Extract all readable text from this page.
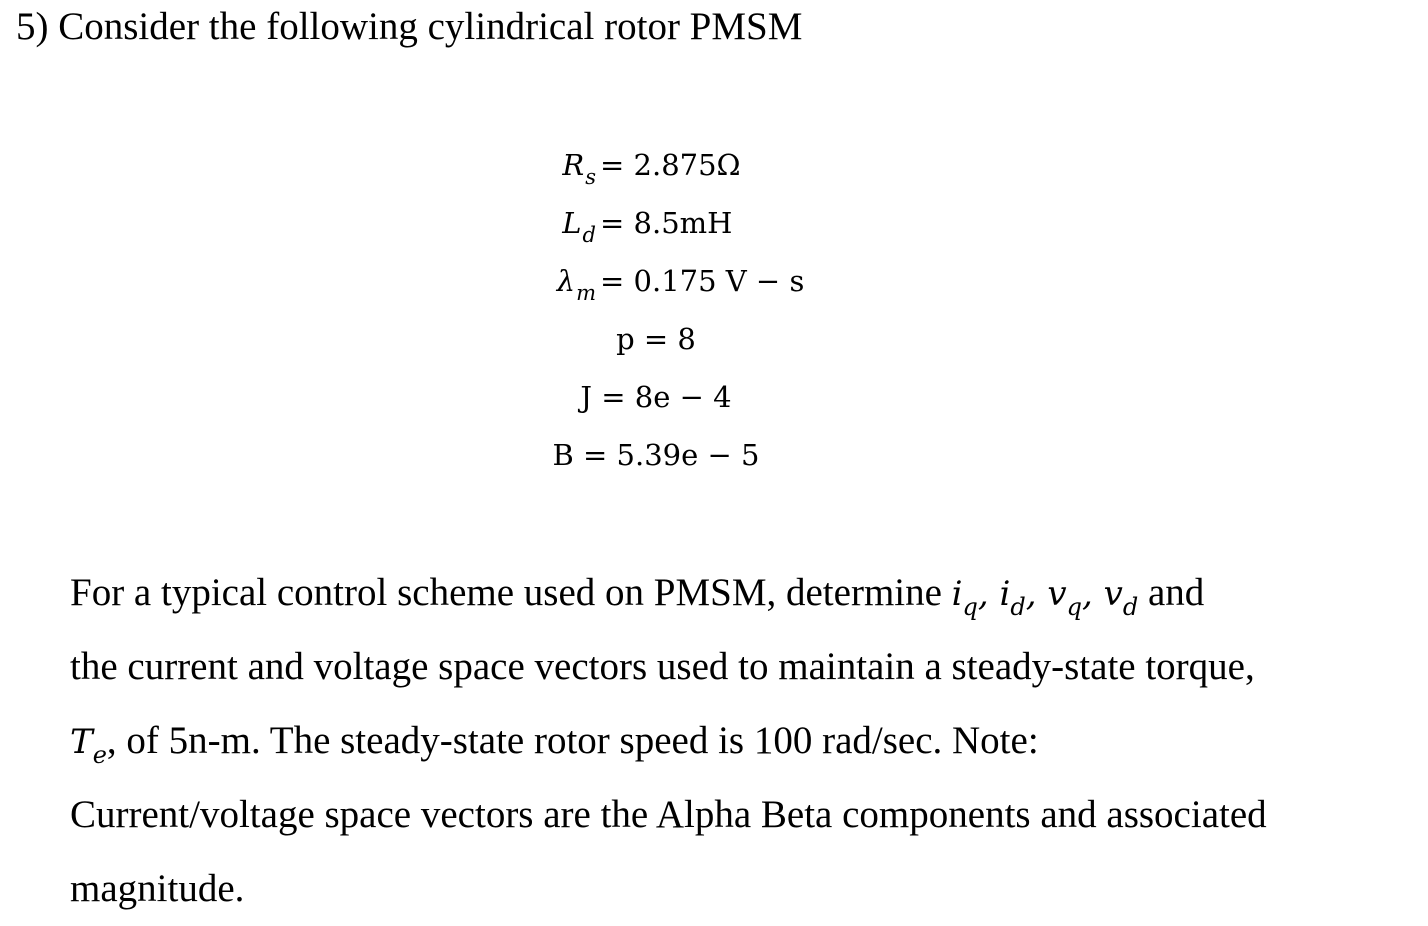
5) Consider the following cylindrical rotor PMSM
$R_s = 2.875\Omega$
$L_d = 8.5mH$
$\lambda_m = 0.175$ V − s
p = 8
J = 8e − 4
B = 5.39e − 5
For a typical control scheme used on PMSM, determine $i_q$, $i_d$, $v_q$, $v_d$ and
the current and voltage space vectors used to maintain a steady-state torque,
$T_e$, of 5n-m. The steady-state rotor speed is 100 rad/sec. Note:
Current/voltage space vectors are the Alpha Beta components and associated
magnitude.
